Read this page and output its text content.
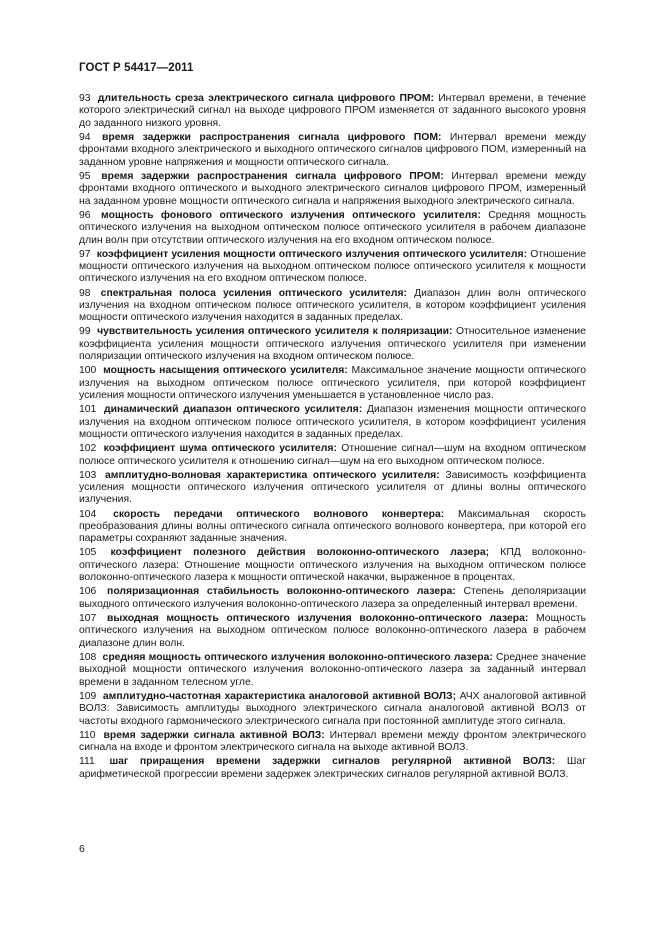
ГОСТ Р 54417—2011

93 длительность среза электрического сигнала цифрового ПРОМ: Интервал времени, в течение которого электрический сигнал на выходе цифрового ПРОМ изменяется от заданного высокого уровня до заданного низкого уровня.

94 время задержки распространения сигнала цифрового ПОМ: Интервал времени между фронтами входного электрического и выходного оптического сигналов цифрового ПОМ, измеренный на заданном уровне напряжения и мощности оптического сигнала.

95 время задержки распространения сигнала цифрового ПРОМ: Интервал времени между фронтами входного оптического и выходного электрического сигналов цифрового ПРОМ, измеренный на заданном уровне мощности оптического сигнала и напряжения выходного электрического сигнала.

96 мощность фонового оптического излучения оптического усилителя: Средняя мощность оптического излучения на выходном оптическом полюсе оптического усилителя в рабочем диапазоне длин волн при отсутствии оптического излучения на его входном оптическом полюсе.

97 коэффициент усиления мощности оптического излучения оптического усилителя: Отношение мощности оптического излучения на выходном оптическом полюсе оптического усилителя к мощности оптического излучения на его входном оптическом полюсе.

98 спектральная полоса усиления оптического усилителя: Диапазон длин волн оптического излучения на входном оптическом полюсе оптического усилителя, в котором коэффициент усиления мощности оптического излучения находится в заданных пределах.

99 чувствительность усиления оптического усилителя к поляризации: Относительное изменение коэффициента усиления мощности оптического излучения оптического усилителя при изменении поляризации оптического излучения на входном оптическом полюсе.

100 мощность насыщения оптического усилителя: Максимальное значение мощности оптического излучения на выходном оптическом полюсе оптического усилителя, при которой коэффициент усиления мощности оптического излучения уменьшается в установленное число раз.

101 динамический диапазон оптического усилителя: Диапазон изменения мощности оптического излучения на входном оптическом полюсе оптического усилителя, в котором коэффициент усиления мощности оптического излучения находится в заданных пределах.

102 коэффициент шума оптического усилителя: Отношение сигнал—шум на входном оптическом полюсе оптического усилителя к отношению сигнал—шум на его выходном оптическом полюсе.

103 амплитудно-волновая характеристика оптического усилителя: Зависимость коэффициента усиления мощности оптического излучения оптического усилителя от длины волны оптического излучения.

104 скорость передачи оптического волнового конвертера: Максимальная скорость преобразования длины волны оптического сигнала оптического волнового конвертера, при которой его параметры сохраняют заданные значения.

105 коэффициент полезного действия волоконно-оптического лазера; КПД волоконно-оптического лазера: Отношение мощности оптического излучения на выходном оптическом полюсе волоконно-оптического лазера к мощности оптической накачки, выраженное в процентах.

106 поляризационная стабильность волоконно-оптического лазера: Степень деполяризации выходного оптического излучения волоконно-оптического лазера за определенный интервал времени.

107 выходная мощность оптического излучения волоконно-оптического лазера: Мощность оптического излучения на выходном оптическом полюсе волоконно-оптического лазера в рабочем диапазоне длин волн.

108 средняя мощность оптического излучения волоконно-оптического лазера: Среднее значение выходной мощности оптического излучения волоконно-оптического лазера за заданный интервал времени в заданном телесном угле.

109 амплитудно-частотная характеристика аналоговой активной ВОЛЗ; АЧХ аналоговой активной ВОЛЗ: Зависимость амплитуды выходного электрического сигнала аналоговой активной ВОЛЗ от частоты входного гармонического электрического сигнала при постоянной амплитуде этого сигнала.

110 время задержки сигнала активной ВОЛЗ: Интервал времени между фронтом электрического сигнала на входе и фронтом электрического сигнала на выходе активной ВОЛЗ.

111 шаг приращения времени задержки сигналов регулярной активной ВОЛЗ: Шаг арифметической прогрессии времени задержек электрических сигналов регулярной активной ВОЛЗ.

6
